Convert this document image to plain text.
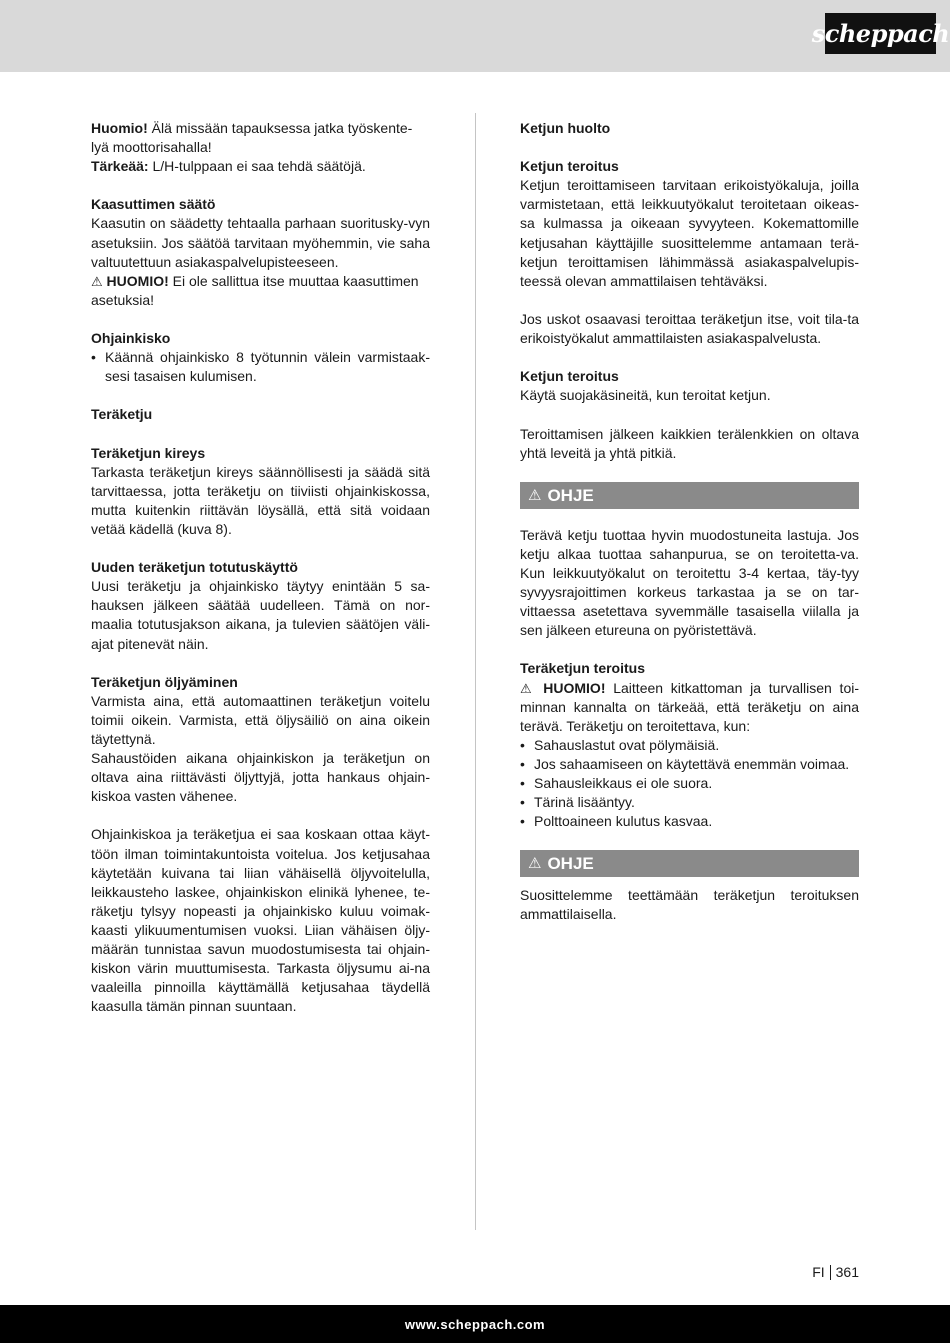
scheppach

Huomio! Älä missään tapauksessa jatka työskente-lyä moottorisahalla!

Tärkeää: L/H-tulppaan ei saa tehdä säätöjä.

Kaasuttimen säätö

Kaasutin on säädetty tehtaalla parhaan suoritusky-vyn asetuksiin. Jos säätöä tarvitaan myöhemmin, vie saha valtuutettuun asiakaspalvelupisteeseen.

⚠ HUOMIO! Ei ole sallittua itse muuttaa kaasuttimen asetuksia!

Ohjainkisko
• Käännä ohjainkisko 8 työtunnin välein varmistaak-sesi tasaisen kulumisen.
Teräketju
Teräketjun kireys

Tarkasta teräketjun kireys säännöllisesti ja säädä sitä tarvittaessa, jotta teräketju on tiiviisti ohjainkiskossa, mutta kuitenkin riittävän löysällä, että sitä voidaan vetää kädellä (kuva 8).

Uuden teräketjun totutuskäyttö

Uusi teräketju ja ohjainkisko täytyy enintään 5 sa-hauksen jälkeen säätää uudelleen. Tämä on nor-maalia totutusjakson aikana, ja tulevien säätöjen väli-ajat pitenevät näin.

Teräketjun öljyäminen

Varmista aina, että automaattinen teräketjun voitelu toimii oikein. Varmista, että öljysäiliö on aina oikein täytettynä.

Sahaustöiden aikana ohjainkiskon ja teräketjun on oltava aina riittävästi öljyttyjä, jotta hankaus ohjain-kiskoa vasten vähenee.

Ohjainkiskoa ja teräketjua ei saa koskaan ottaa käyt-töön ilman toimintakuntoista voitelua. Jos ketjusahaa käytetään kuivana tai liian vähäisellä öljyvoitelulla, leikkausteho laskee, ohjainkiskon elinikä lyhenee, te-räketju tylsyy nopeasti ja ohjainkisko kuluu voimak-kaasti ylikuumentumisen vuoksi. Liian vähäisen öljy-määrän tunnistaa savun muodostumisesta tai ohjain-kiskon värin muuttumisesta. Tarkasta öljysumu ai-na vaaleilla pinnoilla käyttämällä ketjusahaa täydellä kaasulla tämän pinnan suuntaan.

Ketjun huolto
Ketjun teroitus

Ketjun teroittamiseen tarvitaan erikoistyökaluja, joilla varmistetaan, että leikkuutyökalut teroitetaan oikeas-sa kulmassa ja oikeaan syvyyteen. Kokemattomille ketjusahan käyttäjille suosittelemme antamaan terä-ketjun teroittamisen lähimmässä asiakaspalvelupis-teessä olevan ammattilaisen tehtäväksi.

Jos uskot osaavasi teroittaa teräketjun itse, voit tila-ta erikoistyökalut ammattilaisten asiakaspalvelusta.

Ketjun teroitus

Käytä suojakäsineitä, kun teroitat ketjun.

Teroittamisen jälkeen kaikkien terälenkkien on oltava yhtä leveitä ja yhtä pitkiä.

⚠ OHJE

Terävä ketju tuottaa hyvin muodostuneita lastuja. Jos ketju alkaa tuottaa sahanpurua, se on teroitetta-va. Kun leikkuutyökalut on teroitettu 3-4 kertaa, täy-tyy syvyysrajoittimen korkeus tarkastaa ja se on tar-vittaessa asetettava syvemmälle tasaisella viilalla ja sen jälkeen etureuna on pyöristettävä.

Teräketjun teroitus

⚠ HUOMIO! Laitteen kitkattoman ja turvallisen toi-minnan kannalta on tärkeää, että teräketju on aina terävä. Teräketju on teroitettava, kun:

• Sahauslastut ovat pölymäisiä.
• Jos sahaamiseen on käytettävä enemmän voimaa.
• Sahausleikkaus ei ole suora.
• Tärinä lisääntyy.
• Polttoaineen kulutus kasvaa.
⚠ OHJE

Suosittelemme teettämään teräketjun teroituksen ammattilaisella.

FI 361
www.scheppach.com
